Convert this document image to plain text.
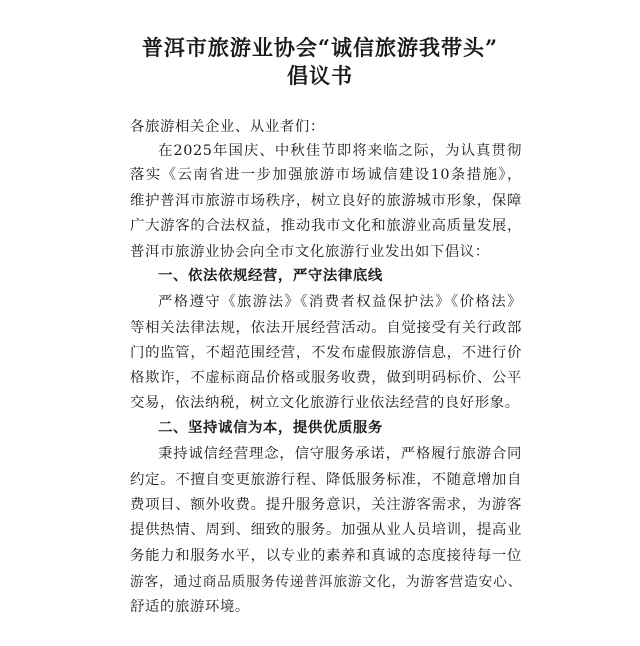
普洱市旅游业协会“诚信旅游我带头”
倡议书
各旅游相关企业、从业者们：
在2025年国庆、中秋佳节即将来临之际，为认真贯彻
落实《云南省进一步加强旅游市场诚信建设10条措施》，
维护普洱市旅游市场秩序，树立良好的旅游城市形象，保障
广大游客的合法权益，推动我市文化和旅游业高质量发展，
普洱市旅游业协会向全市文化旅游行业发出如下倡议：
一、依法依规经营，严守法律底线
严格遵守《旅游法》《消费者权益保护法》《价格法》
等相关法律法规，依法开展经营活动。自觉接受有关行政部
门的监管，不超范围经营，不发布虚假旅游信息，不进行价
格欺诈，不虚标商品价格或服务收费，做到明码标价、公平
交易，依法纳税，树立文化旅游行业依法经营的良好形象。
二、坚持诚信为本，提供优质服务
秉持诚信经营理念，信守服务承诺，严格履行旅游合同
约定。不擅自变更旅游行程、降低服务标准，不随意增加自
费项目、额外收费。提升服务意识，关注游客需求，为游客
提供热情、周到、细致的服务。加强从业人员培训，提高业
务能力和服务水平，以专业的素养和真诚的态度接待每一位
游客，通过商品质服务传递普洱旅游文化，为游客营造安心、
舒适的旅游环境。
